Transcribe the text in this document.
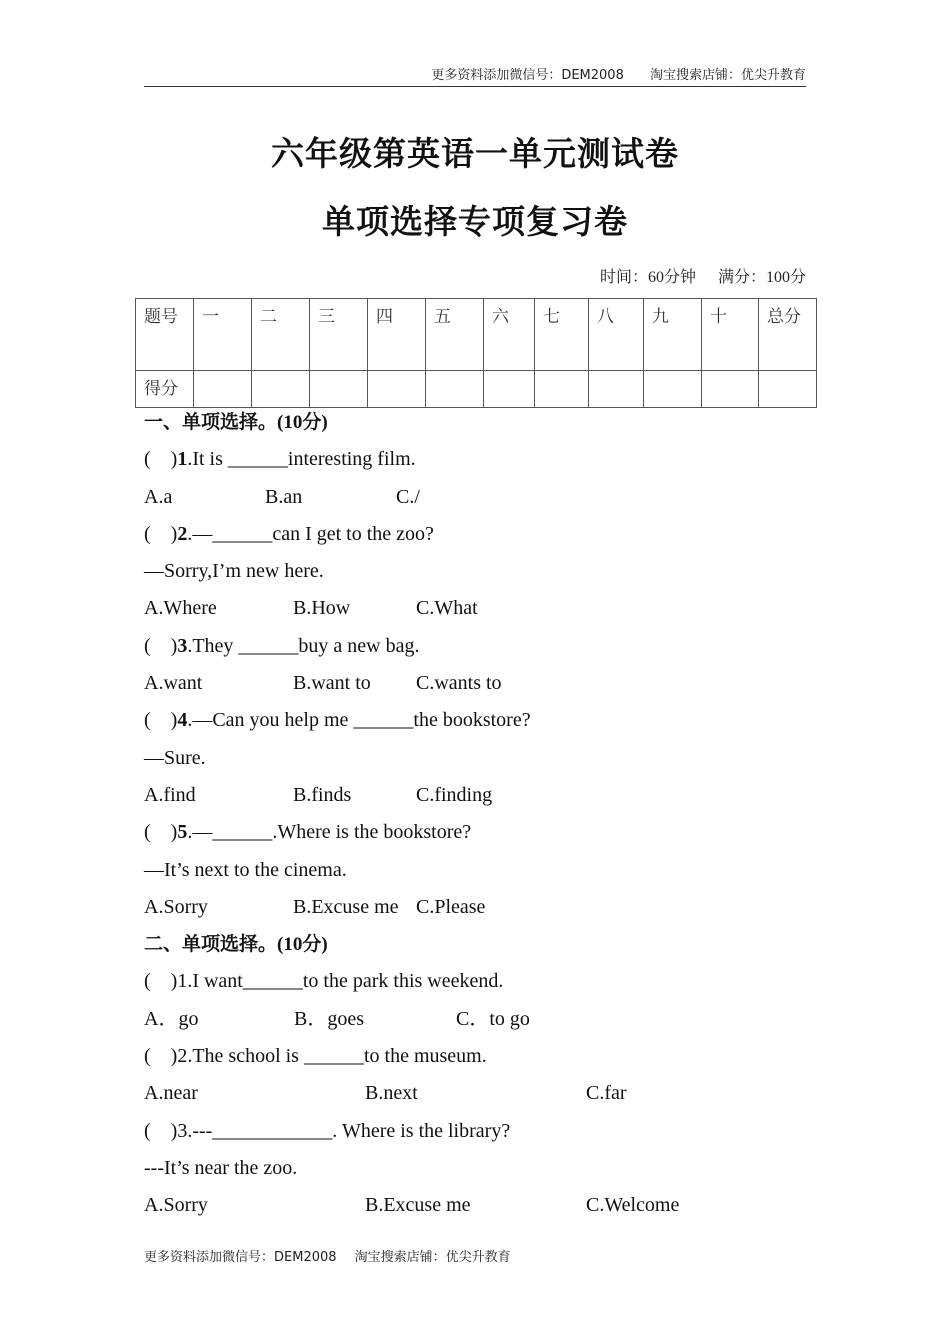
更多资料添加微信号：DEM2008 淘宝搜索店铺：优尖升教育
六年级第英语一单元测试卷
单项选择专项复习卷
时间：60分钟 满分：100分
题号	一	二	三	四	五	六	七	八	九	十	总分
得分											
一、单项选择。(10分)
(　)1.It is ______interesting film.
A.a	B.an	C./
(　)2.—______can I get to the zoo?
—Sorry,I’m new here.
A.Where	B.How	C.What
(　)3.They ______buy a new bag.
A.want	B.want to C.wants to
(　)4.—Can you help me ______the bookstore?
—Sure.
A.find	B.finds	C.finding
(　)5.—______.Where is the bookstore?
—It’s next to the cinema.
A.Sorry	B.Excuse me C.Please
二、单项选择。(10分)
(　)1.I want______to the park this weekend.
A．go	B．goes	C．to go
(　)2.The school is ______to the museum.
A.near	B.next	C.far
(　)3.---____________. Where is the library?
---It’s near the zoo.
A.Sorry	B.Excuse me	C.Welcome
更多资料添加微信号：DEM2008 淘宝搜索店铺：优尖升教育
